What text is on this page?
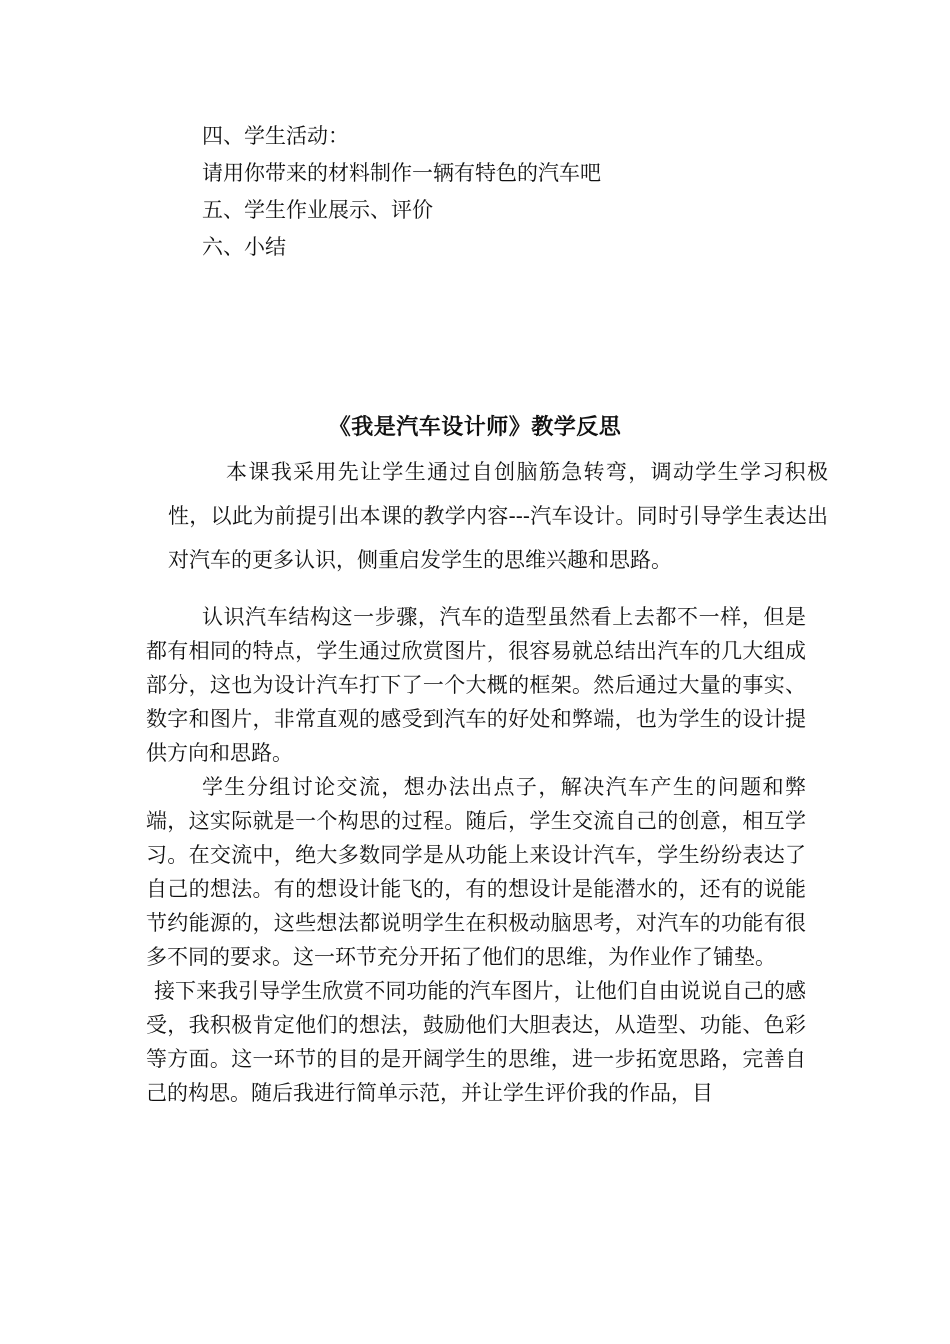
四、学生活动：
请用你带来的材料制作一辆有特色的汽车吧
五、学生作业展示、评价
六、小结
《我是汽车设计师》教学反思
本课我采用先让学生通过自创脑筋急转弯，调动学生学习积极性，以此为前提引出本课的教学内容---汽车设计。同时引导学生表达出对汽车的更多认识，侧重启发学生的思维兴趣和思路。

认识汽车结构这一步骤，汽车的造型虽然看上去都不一样，但是都有相同的特点，学生通过欣赏图片，很容易就总结出汽车的几大组成部分，这也为设计汽车打下了一个大概的框架。然后通过大量的事实、数字和图片，非常直观的感受到汽车的好处和弊端，也为学生的设计提供方向和思路。

学生分组讨论交流，想办法出点子，解决汽车产生的问题和弊端，这实际就是一个构思的过程。随后，学生交流自己的创意，相互学习。在交流中，绝大多数同学是从功能上来设计汽车，学生纷纷表达了自己的想法。有的想设计能飞的，有的想设计是能潜水的，还有的说能节约能源的，这些想法都说明学生在积极动脑思考，对汽车的功能有很多不同的要求。这一环节充分开拓了他们的思维，为作业作了铺垫。

接下来我引导学生欣赏不同功能的汽车图片，让他们自由说说自己的感受，我积极肯定他们的想法，鼓励他们大胆表达，从造型、功能、色彩等方面。这一环节的目的是开阔学生的思维，进一步拓宽思路，完善自己的构思。随后我进行简单示范，并让学生评价我的作品，目
